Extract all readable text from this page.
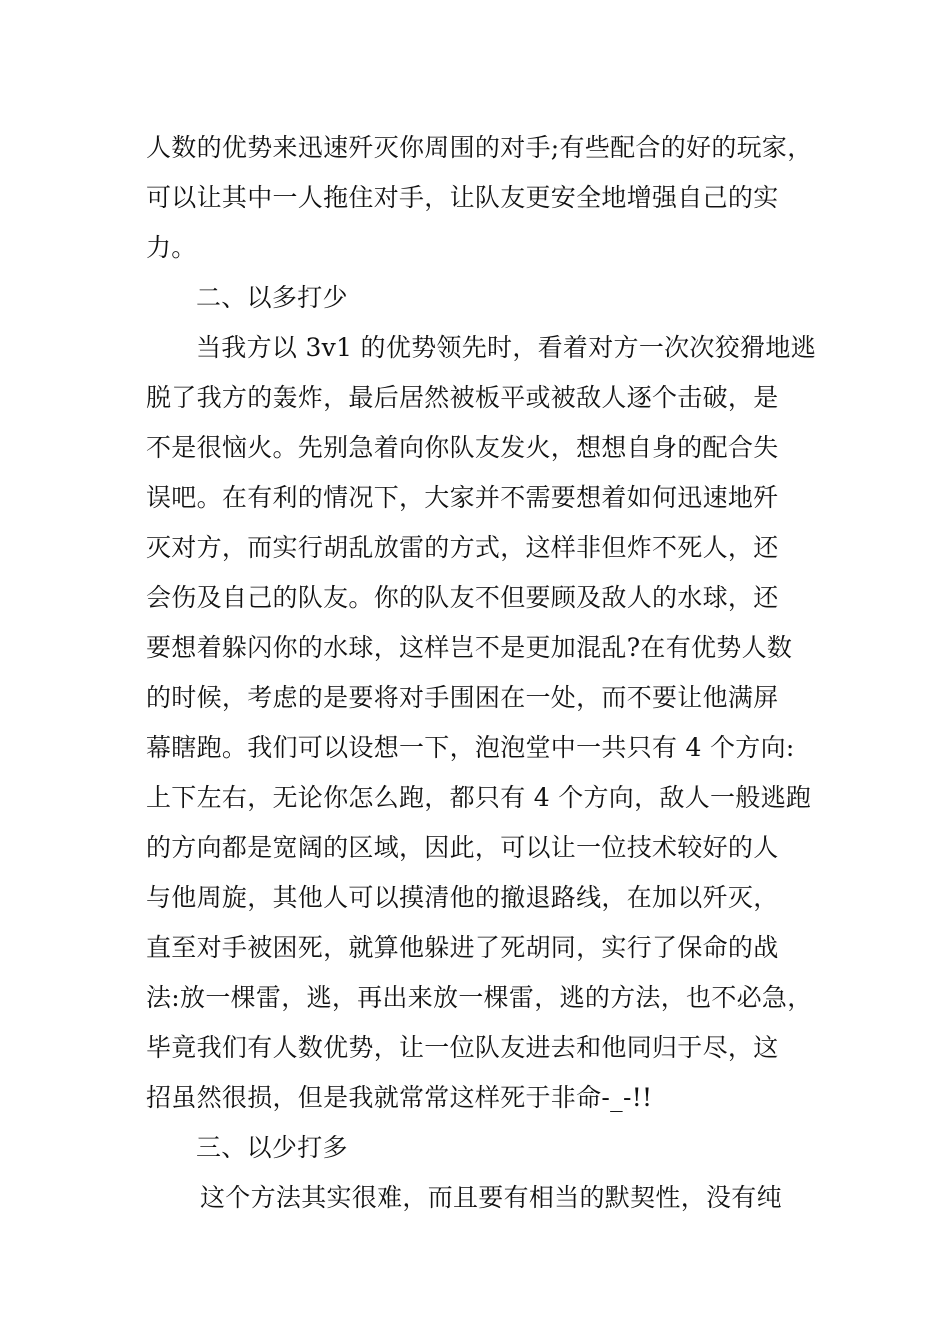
人数的优势来迅速歼灭你周围的对手;有些配合的好的玩家，
可以让其中一人拖住对手，让队友更安全地增强自己的实
力。
二、以多打少
当我方以 3v1 的优势领先时，看着对方一次次狡猾地逃
脱了我方的轰炸，最后居然被板平或被敌人逐个击破，是
不是很恼火。先别急着向你队友发火，想想自身的配合失
误吧。在有利的情况下，大家并不需要想着如何迅速地歼
灭对方，而实行胡乱放雷的方式，这样非但炸不死人，还
会伤及自己的队友。你的队友不但要顾及敌人的水球，还
要想着躲闪你的水球，这样岂不是更加混乱?在有优势人数
的时候，考虑的是要将对手围困在一处，而不要让他满屏
幕瞎跑。我们可以设想一下，泡泡堂中一共只有 4 个方向:
上下左右，无论你怎么跑，都只有 4 个方向，敌人一般逃跑
的方向都是宽阔的区域，因此，可以让一位技术较好的人
与他周旋，其他人可以摸清他的撤退路线，在加以歼灭，
直至对手被困死，就算他躲进了死胡同，实行了保命的战
法:放一棵雷，逃，再出来放一棵雷，逃的方法，也不必急，
毕竟我们有人数优势，让一位队友进去和他同归于尽，这
招虽然很损，但是我就常常这样死于非命-_-!!
三、以少打多
这个方法其实很难，而且要有相当的默契性，没有纯
